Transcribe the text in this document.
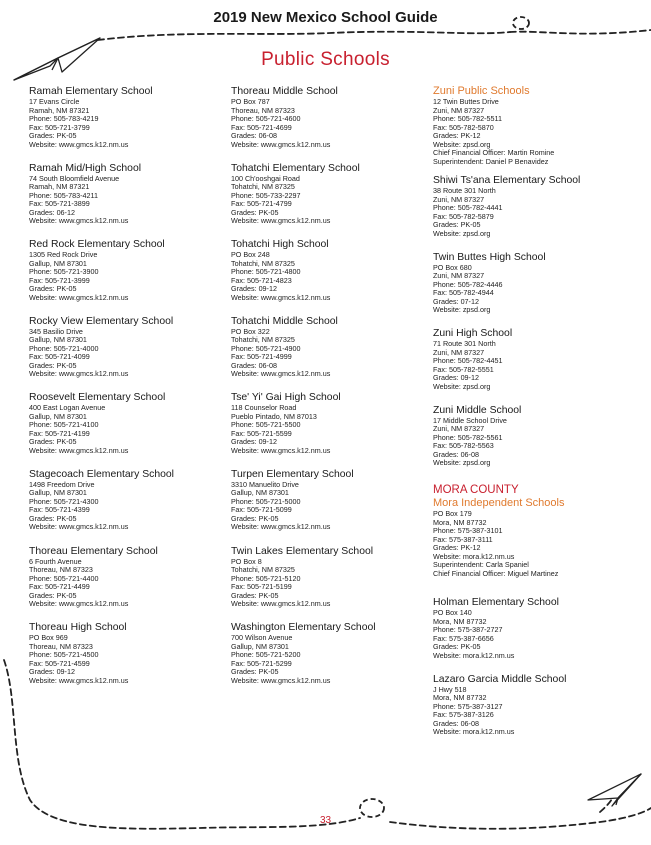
2019 New Mexico School Guide
Public Schools
Ramah Elementary School
17 Evans Circle
Ramah, NM 87321
Phone: 505-783-4219
Fax: 505-721-3799
Grades: PK-05
Website: www.gmcs.k12.nm.us
Ramah Mid/High School
74 South Bloomfield Avenue
Ramah, NM 87321
Phone: 505-783-4211
Fax: 505-721-3899
Grades: 06-12
Website: www.gmcs.k12.nm.us
Red Rock Elementary School
1305 Red Rock Drive
Gallup, NM 87301
Phone: 505-721-3900
Fax: 505-721-3999
Grades: PK-05
Website: www.gmcs.k12.nm.us
Rocky View Elementary School
345 Basilio Drive
Gallup, NM 87301
Phone: 505-721-4000
Fax: 505-721-4099
Grades: PK-05
Website: www.gmcs.k12.nm.us
Roosevelt Elementary School
400 East Logan Avenue
Gallup, NM 87301
Phone: 505-721-4100
Fax: 505-721-4199
Grades: PK-05
Website: www.gmcs.k12.nm.us
Stagecoach Elementary School
1498 Freedom Drive
Gallup, NM 87301
Phone: 505-721-4300
Fax: 505-721-4399
Grades: PK-05
Website: www.gmcs.k12.nm.us
Thoreau Elementary School
6 Fourth Avenue
Thoreau, NM 87323
Phone: 505-721-4400
Fax: 505-721-4499
Grades: PK-05
Website: www.gmcs.k12.nm.us
Thoreau High School
PO Box 969
Thoreau, NM 87323
Phone: 505-721-4500
Fax: 505-721-4599
Grades: 09-12
Website: www.gmcs.k12.nm.us
Thoreau Middle School
PO Box 787
Thoreau, NM 87323
Phone: 505-721-4600
Fax: 505-721-4699
Grades: 06-08
Website: www.gmcs.k12.nm.us
Tohatchi Elementary School
100 Ch'ooshgai Road
Tohatchi, NM 87325
Phone: 505-733-2297
Fax: 505-721-4799
Grades: PK-05
Website: www.gmcs.k12.nm.us
Tohatchi High School
PO Box 248
Tohatchi, NM 87325
Phone: 505-721-4800
Fax: 505-721-4823
Grades: 09-12
Website: www.gmcs.k12.nm.us
Tohatchi Middle School
PO Box 322
Tohatchi, NM 87325
Phone: 505-721-4900
Fax: 505-721-4999
Grades: 06-08
Website: www.gmcs.k12.nm.us
Tse' Yi' Gai High School
118 Counselor Road
Pueblo Pintado, NM 87013
Phone: 505-721-5500
Fax: 505-721-5599
Grades: 09-12
Website: www.gmcs.k12.nm.us
Turpen Elementary School
3310 Manuelito Drive
Gallup, NM 87301
Phone: 505-721-5000
Fax: 505-721-5099
Grades: PK-05
Website: www.gmcs.k12.nm.us
Twin Lakes Elementary School
PO Box 8
Tohatchi, NM 87325
Phone: 505-721-5120
Fax: 505-721-5199
Grades: PK-05
Website: www.gmcs.k12.nm.us
Washington Elementary School
700 Wilson Avenue
Gallup, NM 87301
Phone: 505-721-5200
Fax: 505-721-5299
Grades: PK-05
Website: www.gmcs.k12.nm.us
Zuni Public Schools
12 Twin Buttes Drive
Zuni, NM 87327
Phone: 505-782-5511
Fax: 505-782-5870
Grades: PK-12
Website: zpsd.org
Chief Financial Officer: Martin Romine
Superintendent: Daniel P Benavidez
Shiwi Ts'ana Elementary School
38 Route 301 North
Zuni, NM 87327
Phone: 505-782-4441
Fax: 505-782-5879
Grades: PK-05
Website: zpsd.org
Twin Buttes High School
PO Box 680
Zuni, NM 87327
Phone: 505-782-4446
Fax: 505-782-4944
Grades: 07-12
Website: zpsd.org
Zuni High School
71 Route 301 North
Zuni, NM 87327
Phone: 505-782-4451
Fax: 505-782-5551
Grades: 09-12
Website: zpsd.org
Zuni Middle School
17 Middle School Drive
Zuni, NM 87327
Phone: 505-782-5561
Fax: 505-782-5563
Grades: 06-08
Website: zpsd.org
MORA COUNTY
Mora Independent Schools
PO Box 179
Mora, NM 87732
Phone: 575-387-3101
Fax: 575-387-3111
Grades: PK-12
Website: mora.k12.nm.us
Superintendent: Carla Spaniel
Chief Financial Officer: Miguel Martinez
Holman Elementary School
PO Box 140
Mora, NM 87732
Phone: 575-387-2727
Fax: 575-387-6656
Grades: PK-05
Website: mora.k12.nm.us
Lazaro Garcia Middle School
J Hwy 518
Mora, NM 87732
Phone: 575-387-3127
Fax: 575-387-3126
Grades: 06-08
Website: mora.k12.nm.us
33
